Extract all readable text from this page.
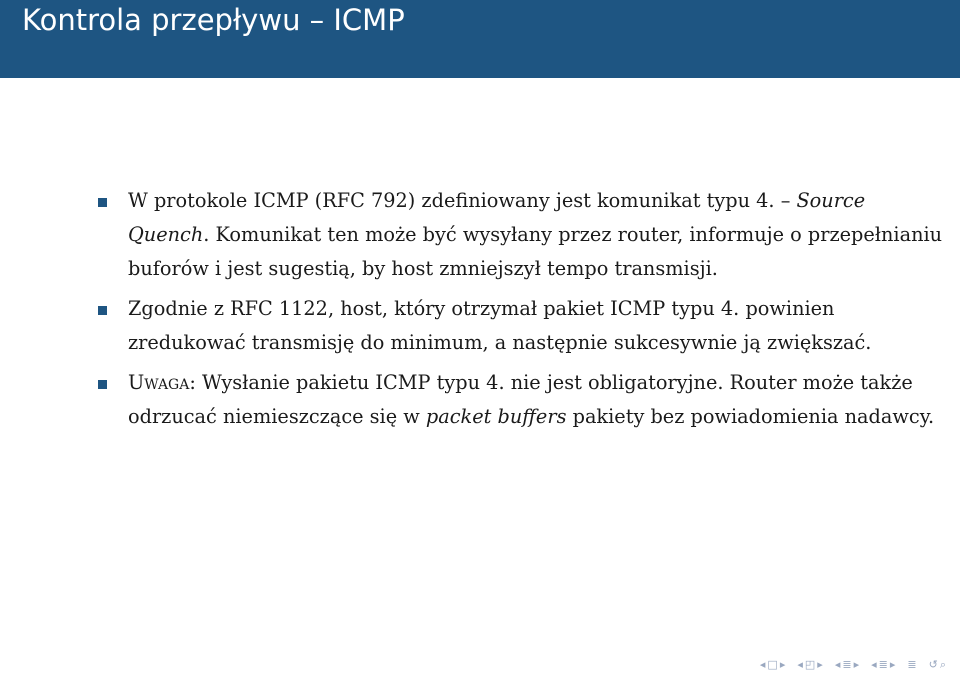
Kontrola przepływu – ICMP
W protokole ICMP (RFC 792) zdefiniowany jest komunikat typu 4. – Source Quench. Komunikat ten może być wysyłany przez router, informuje o przepełnianiu buforów i jest sugestią, by host zmniejszył tempo transmisji.
Zgodnie z RFC 1122, host, który otrzymał pakiet ICMP typu 4. powinien zredukować transmisję do minimum, a następnie sukcesywnie ją zwiększać.
Uwaga: Wysłanie pakietu ICMP typu 4. nie jest obligatoryjne. Router może także odrzucać niemieszczące się w packet buffers pakiety bez powiadomienia nadawcy.
◂ □ ▸ ◂ ◰ ▸ ◂ ≣ ▸ ◂ ≣ ▸ ≣ ↺ ⌕
